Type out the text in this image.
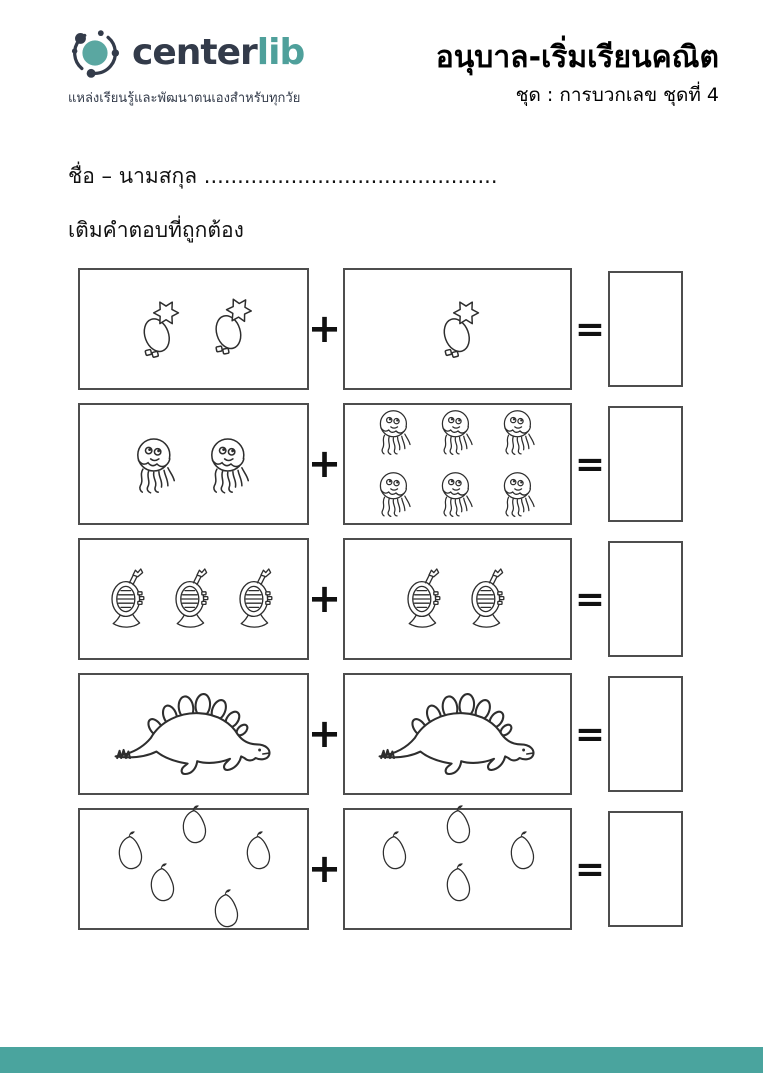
centerlib
แหล่งเรียนรู้และพัฒนาตนเองสำหรับทุกวัย
อนุบาล-เริ่มเรียนคณิต
ชุด : การบวกเลข ชุดที่ 4
ชื่อ – นามสกุล ............................................
เติมคำตอบที่ถูกต้อง
+	=
+	=
+	=
+	=
+	=
